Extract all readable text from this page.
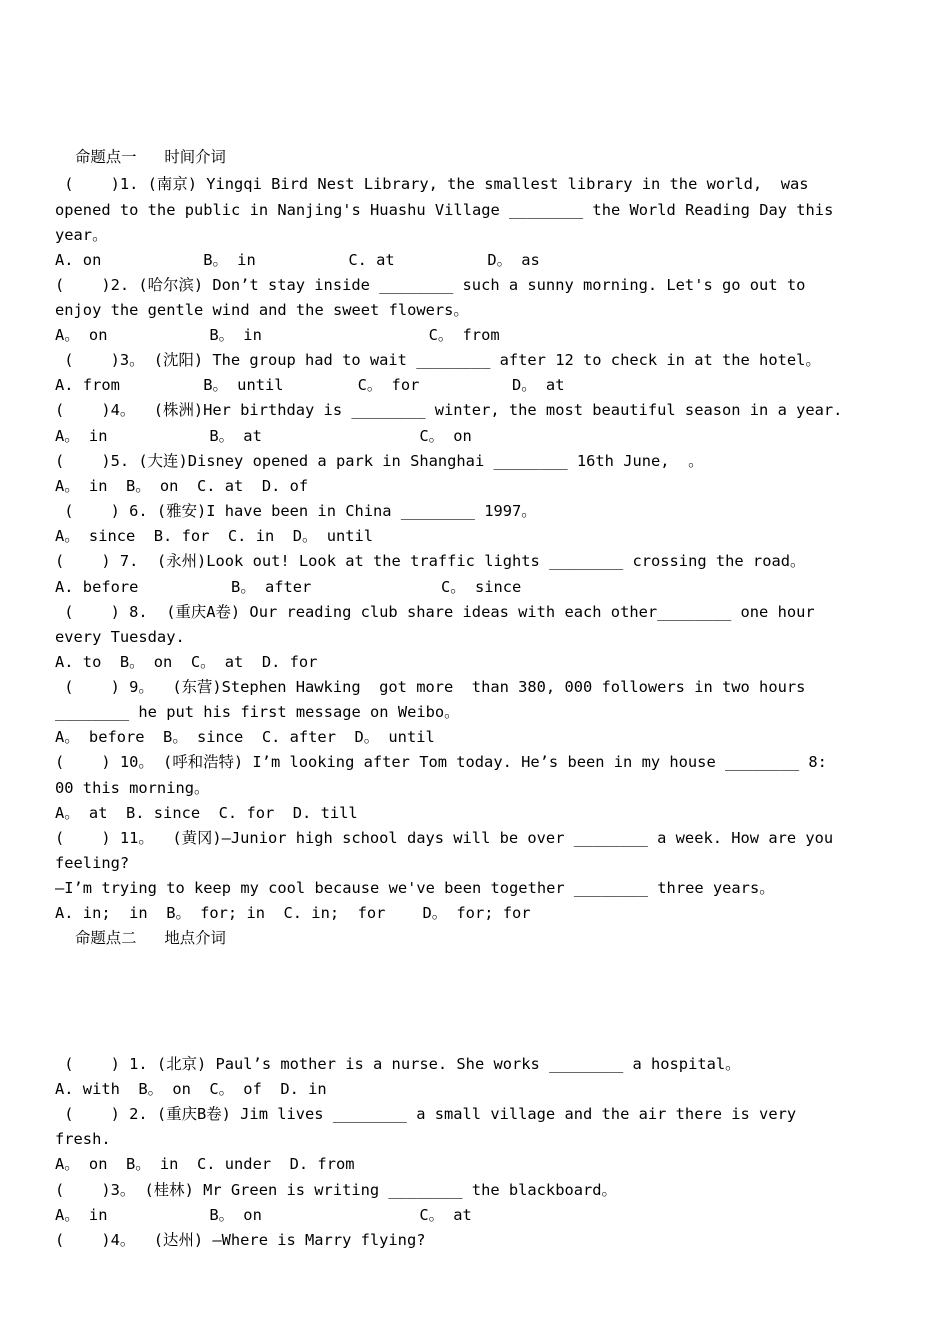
命题点一   时间介词
(    )1. (南京) Yingqi Bird Nest Library, the smallest library in the world,  was
opened to the public in Nanjing's Huashu Village ________ the World Reading Day this
year。
A. on           B。 in          C. at          D。 as
(    )2. (哈尔滨) Don’t stay inside ________ such a sunny morning. Let's go out to
enjoy the gentle wind and the sweet flowers。
A。 on           B。 in                  C。 from
(    )3。 (沈阳) The group had to wait ________ after 12 to check in at the hotel。
A. from         B。 until        C。 for          D。 at
(    )4。  (株洲)Her birthday is ________ winter, the most beautiful season in a year.
A。 in           B。 at                 C。 on
(    )5. (大连)Disney opened a park in Shanghai ________ 16th June,  。
A。 in  B。 on  C. at  D. of
(    ) 6. (雅安)I have been in China ________ 1997。
A。 since  B. for  C. in  D。 until
(    ) 7.  (永州)Look out! Look at the traffic lights ________ crossing the road。
A. before          B。 after              C。 since
(    ) 8.  (重庆A卷) Our reading club share ideas with each other________ one hour
every Tuesday.
A. to  B。 on  C。 at  D. for
(    ) 9。  (东营)Stephen Hawking  got more  than 380, 000 followers in two hours
________ he put his first message on Weibo。
A。 before  B。 since  C. after  D。 until
(    ) 10。 (呼和浩特) I’m looking after Tom today. He’s been in my house ________ 8:
00 this morning。
A。 at  B. since  C. for  D. till
(    ) 11。  (黄冈)—Junior high school days will be over ________ a week. How are you
feeling?
—I’m trying to keep my cool because we've been together ________ three years。
A. in;  in  B。 for; in  C. in;  for    D。 for; for
命题点二   地点介词
(    ) 1. (北京) Paul’s mother is a nurse. She works ________ a hospital。
A. with  B。 on  C。 of  D. in
(    ) 2. (重庆B卷) Jim lives ________ a small village and the air there is very
fresh.
A。 on  B。 in  C. under  D. from
(    )3。 (桂林) Mr Green is writing ________ the blackboard。
A。 in           B。 on                 C。 at
(    )4。  (达州) —Where is Marry flying?
